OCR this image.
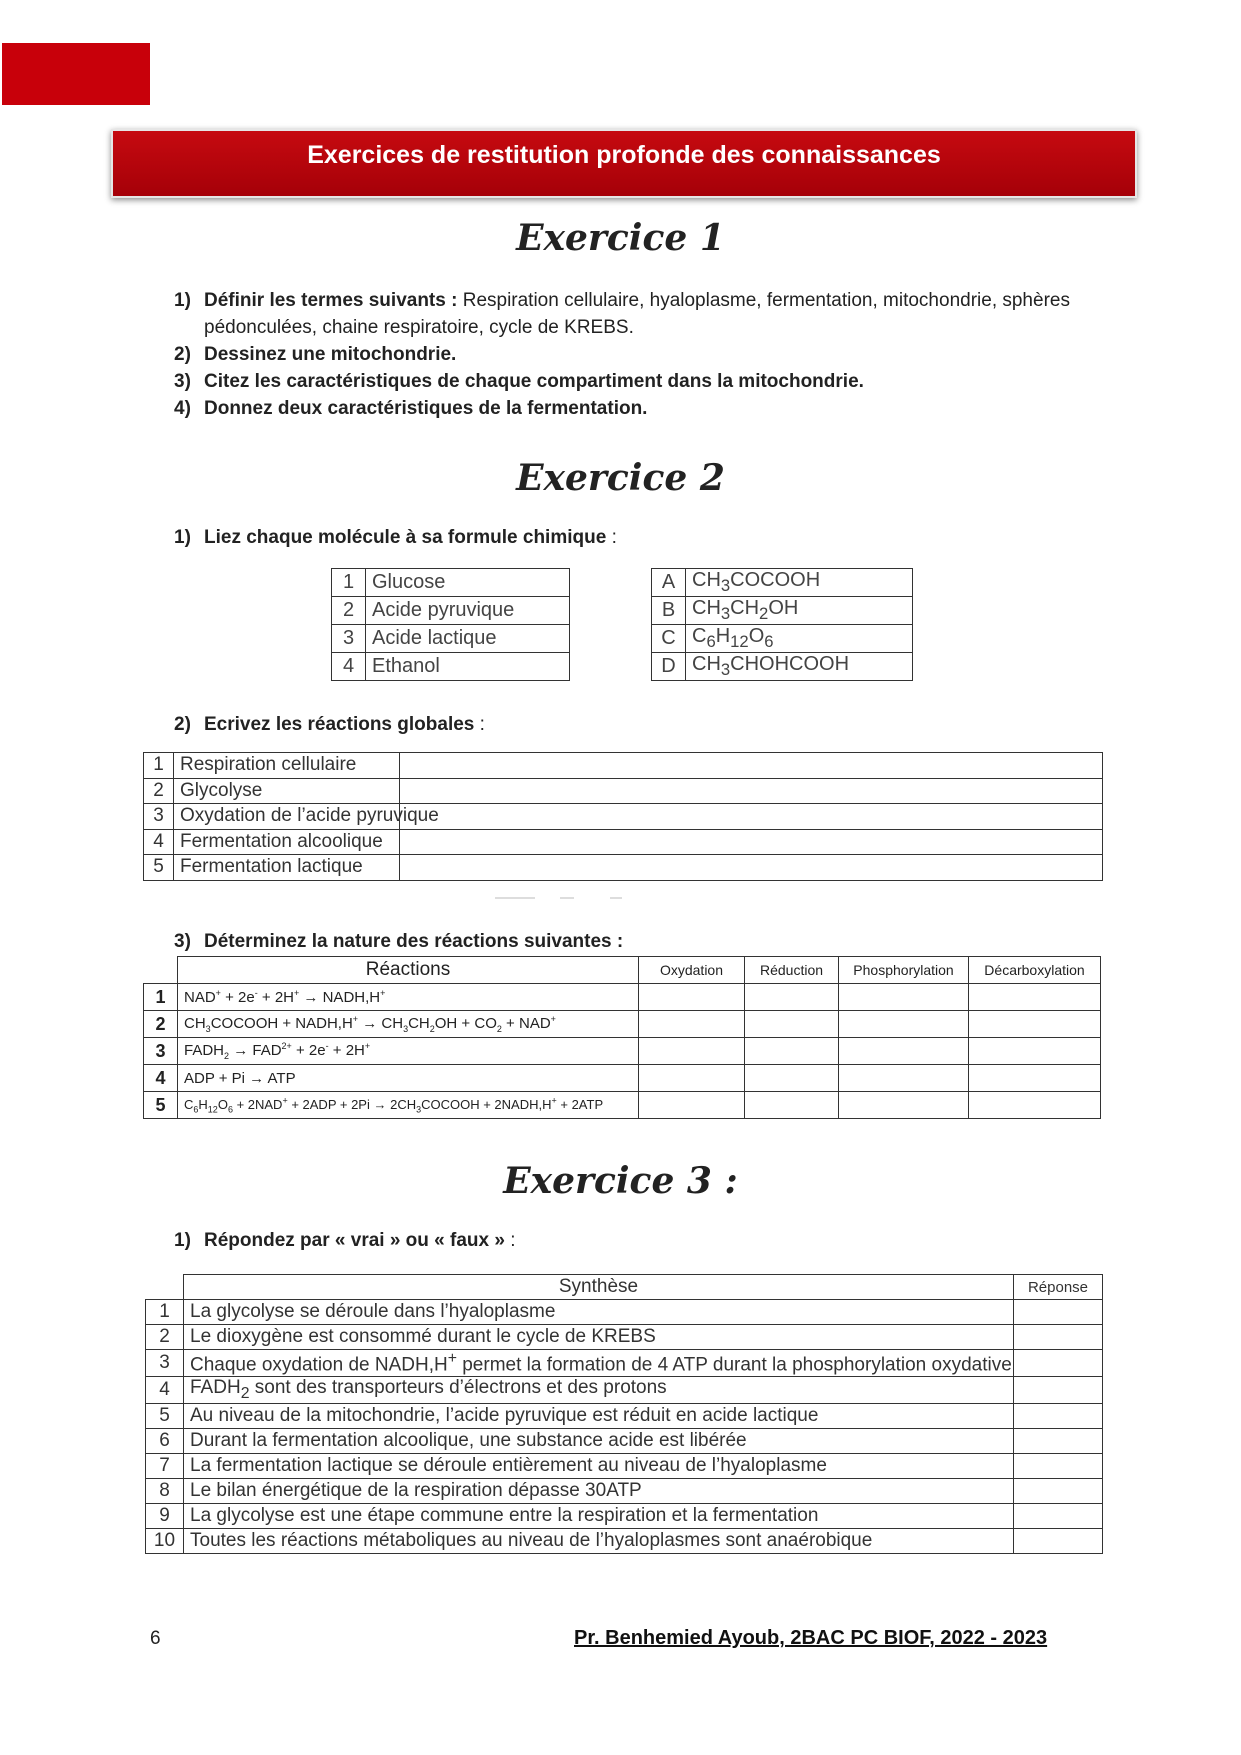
Exercices de restitution profonde des connaissances
Exercice 1
1) Définir les termes suivants : Respiration cellulaire, hyaloplasme, fermentation, mitochondrie, sphères pédonculées, chaine respiratoire, cycle de KREBS.
2) Dessinez une mitochondrie.
3) Citez les caractéristiques de chaque compartiment dans la mitochondrie.
4) Donnez deux caractéristiques de la fermentation.
Exercice 2
1) Liez chaque molécule à sa formule chimique :
1	Glucose
2	Acide pyruvique
3	Acide lactique
4	Ethanol
A	$CH_3COCOOH$
B	$CH_3CH_2OH$
C	$C_6H_{12}O_6$
D	$CH_3CHOHCOOH$
2) Ecrivez les réactions globales :
1	Respiration cellulaire	
2	Glycolyse	
3	Oxydation de l’acide pyruvique	
4	Fermentation alcoolique	
5	Fermentation lactique	
3) Déterminez la nature des réactions suivantes :
	Réactions	Oxydation	Réduction	Phosphorylation	Décarboxylation
1	NAD+ + 2e- + 2H+ → NADH,H+				
2	$CH_3COCOOH$ + NADH,H+ → $CH_3CH_2OH + CO_2 + NAD^+$				
3	$FADH_2 \to FAD^{2+} + 2e^- + 2H^+$				
4	ADP + Pi → ATP				
5	$C_6H_{12}O_6 + 2NAD^+ + 2ADP + 2Pi$ → $2CH_3COCOOH$ + 2NADH,H+ + 2ATP				
Exercice 3 :
1) Répondez par « vrai » ou « faux » :
	Synthèse	Réponse
1	La glycolyse se déroule dans l’hyaloplasme	
2	Le dioxygène est consommé durant le cycle de KREBS	
3	Chaque oxydation de NADH,H+ permet la formation de 4 ATP durant la phosphorylation oxydative	
4	$FADH_2$ sont des transporteurs d’électrons et des protons	
5	Au niveau de la mitochondrie, l’acide pyruvique est réduit en acide lactique	
6	Durant la fermentation alcoolique, une substance acide est libérée	
7	La fermentation lactique se déroule entièrement au niveau de l’hyaloplasme	
8	Le bilan énergétique de la respiration dépasse 30ATP	
9	La glycolyse est une étape commune entre la respiration et la fermentation	
10	Toutes les réactions métaboliques au niveau de l’hyaloplasmes sont anaérobique	
6	Pr. Benhemied Ayoub, 2BAC PC BIOF, 2022 - 2023
